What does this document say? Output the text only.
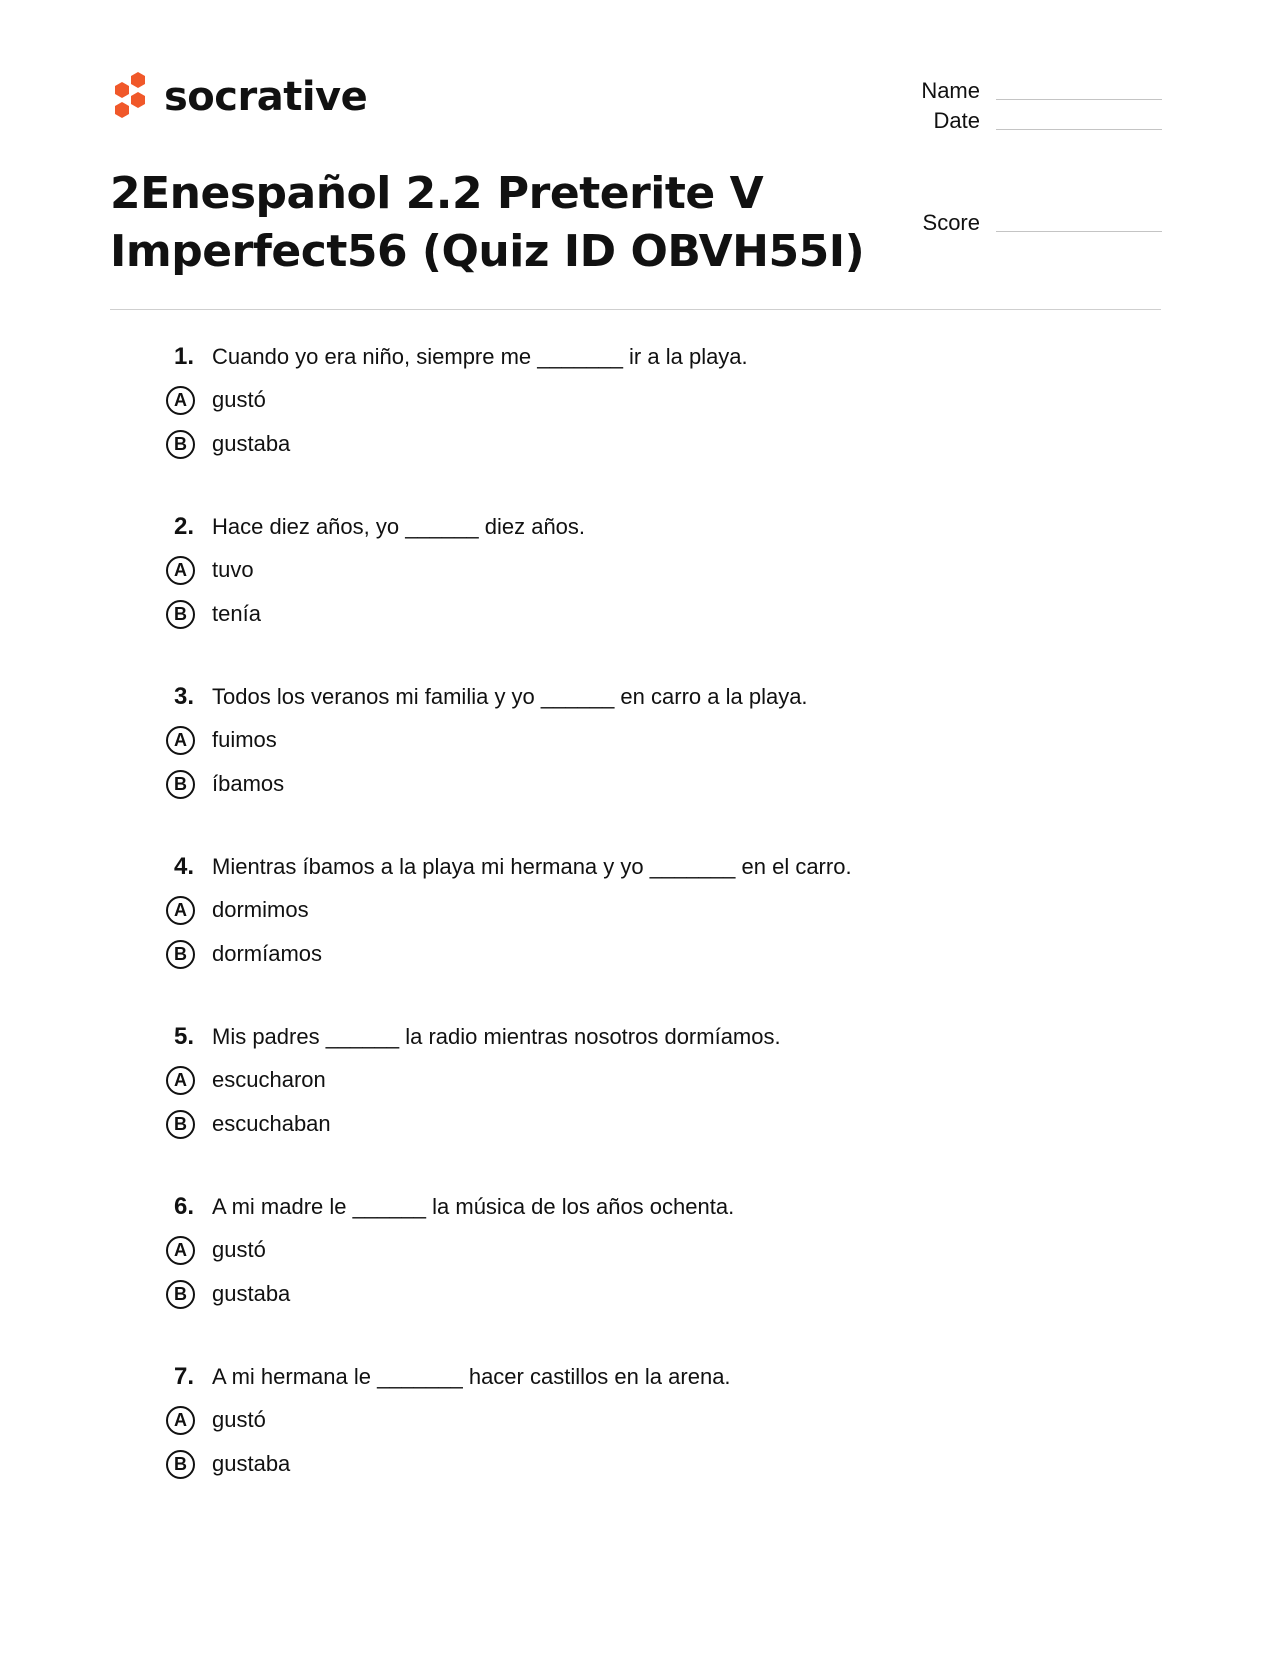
socrative
2Enespañol 2.2 Preterite V Imperfect56 (Quiz ID OBVH55I)
Name
Date
Score
1. Cuando yo era niño, siempre me _______ ir a la playa.
A	gustó
B	gustaba
2. Hace diez años, yo ______ diez años.
A	tuvo
B	tenía
3. Todos los veranos mi familia y yo ______ en carro a la playa.
A	fuimos
B	íbamos
4. Mientras íbamos a la playa mi hermana y yo _______ en el carro.
A	dormimos
B	dormíamos
5. Mis padres ______ la radio mientras nosotros dormíamos.
A	escucharon
B	escuchaban
6. A mi madre le ______ la música de los años ochenta.
A	gustó
B	gustaba
7. A mi hermana le _______ hacer castillos en la arena.
A	gustó
B	gustaba
